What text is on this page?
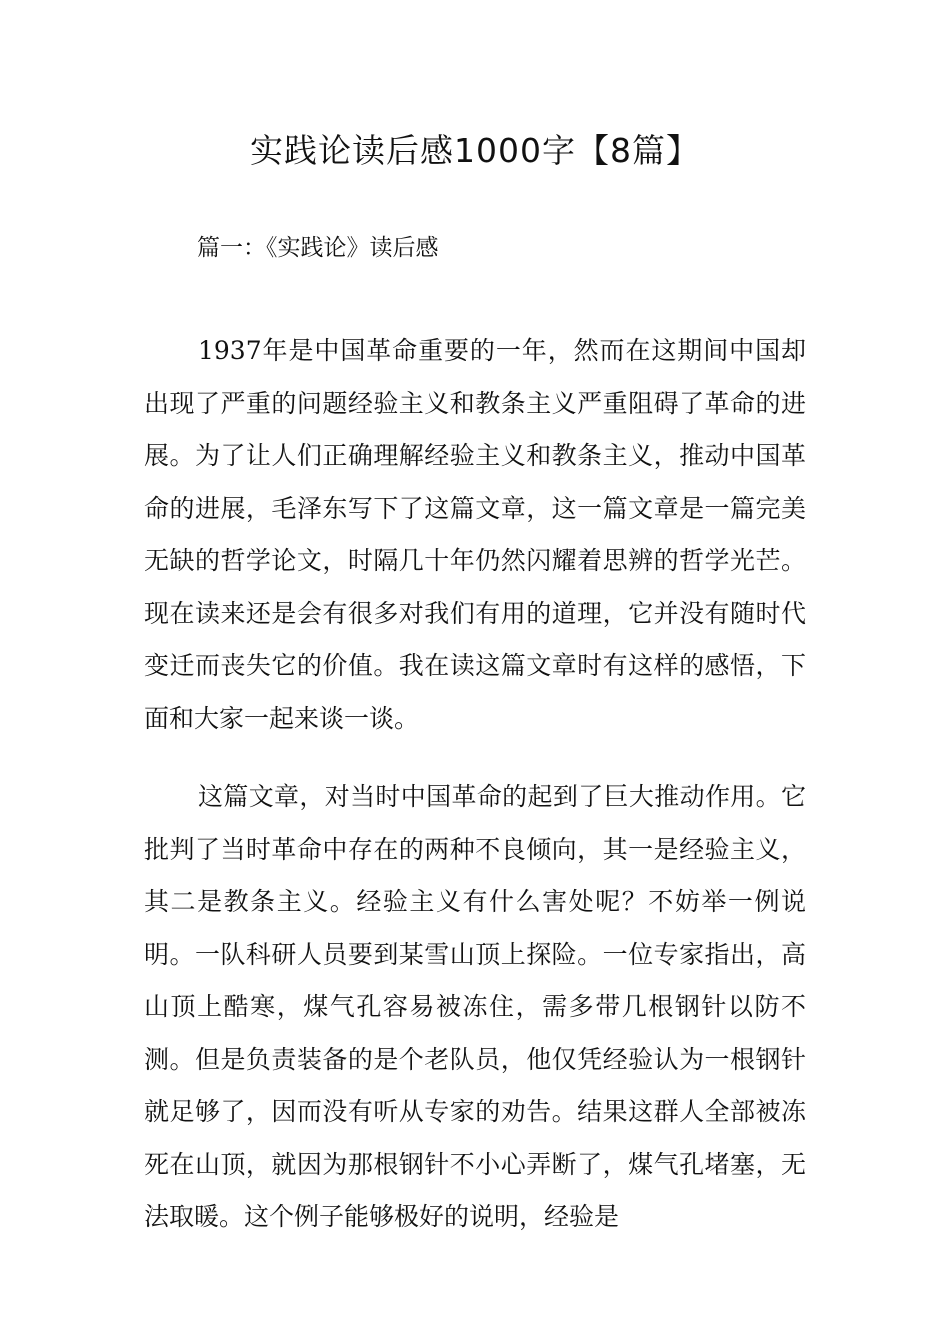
实践论读后感1000字【8篇】
篇一：《实践论》读后感

1937年是中国革命重要的一年，然而在这期间中国却出现了严重的问题经验主义和教条主义严重阻碍了革命的进展。为了让人们正确理解经验主义和教条主义，推动中国革命的进展，毛泽东写下了这篇文章，这一篇文章是一篇完美无缺的哲学论文，时隔几十年仍然闪耀着思辨的哲学光芒。现在读来还是会有很多对我们有用的道理，它并没有随时代变迁而丧失它的价值。我在读这篇文章时有这样的感悟，下面和大家一起来谈一谈。

这篇文章，对当时中国革命的起到了巨大推动作用。它批判了当时革命中存在的两种不良倾向，其一是经验主义，其二是教条主义。经验主义有什么害处呢？不妨举一例说明。一队科研人员要到某雪山顶上探险。一位专家指出，高山顶上酷寒，煤气孔容易被冻住，需多带几根钢针以防不测。但是负责装备的是个老队员，他仅凭经验认为一根钢针就足够了，因而没有听从专家的劝告。结果这群人全部被冻死在山顶，就因为那根钢针不小心弄断了，煤气孔堵塞，无法取暖。这个例子能够极好的说明，经验是
